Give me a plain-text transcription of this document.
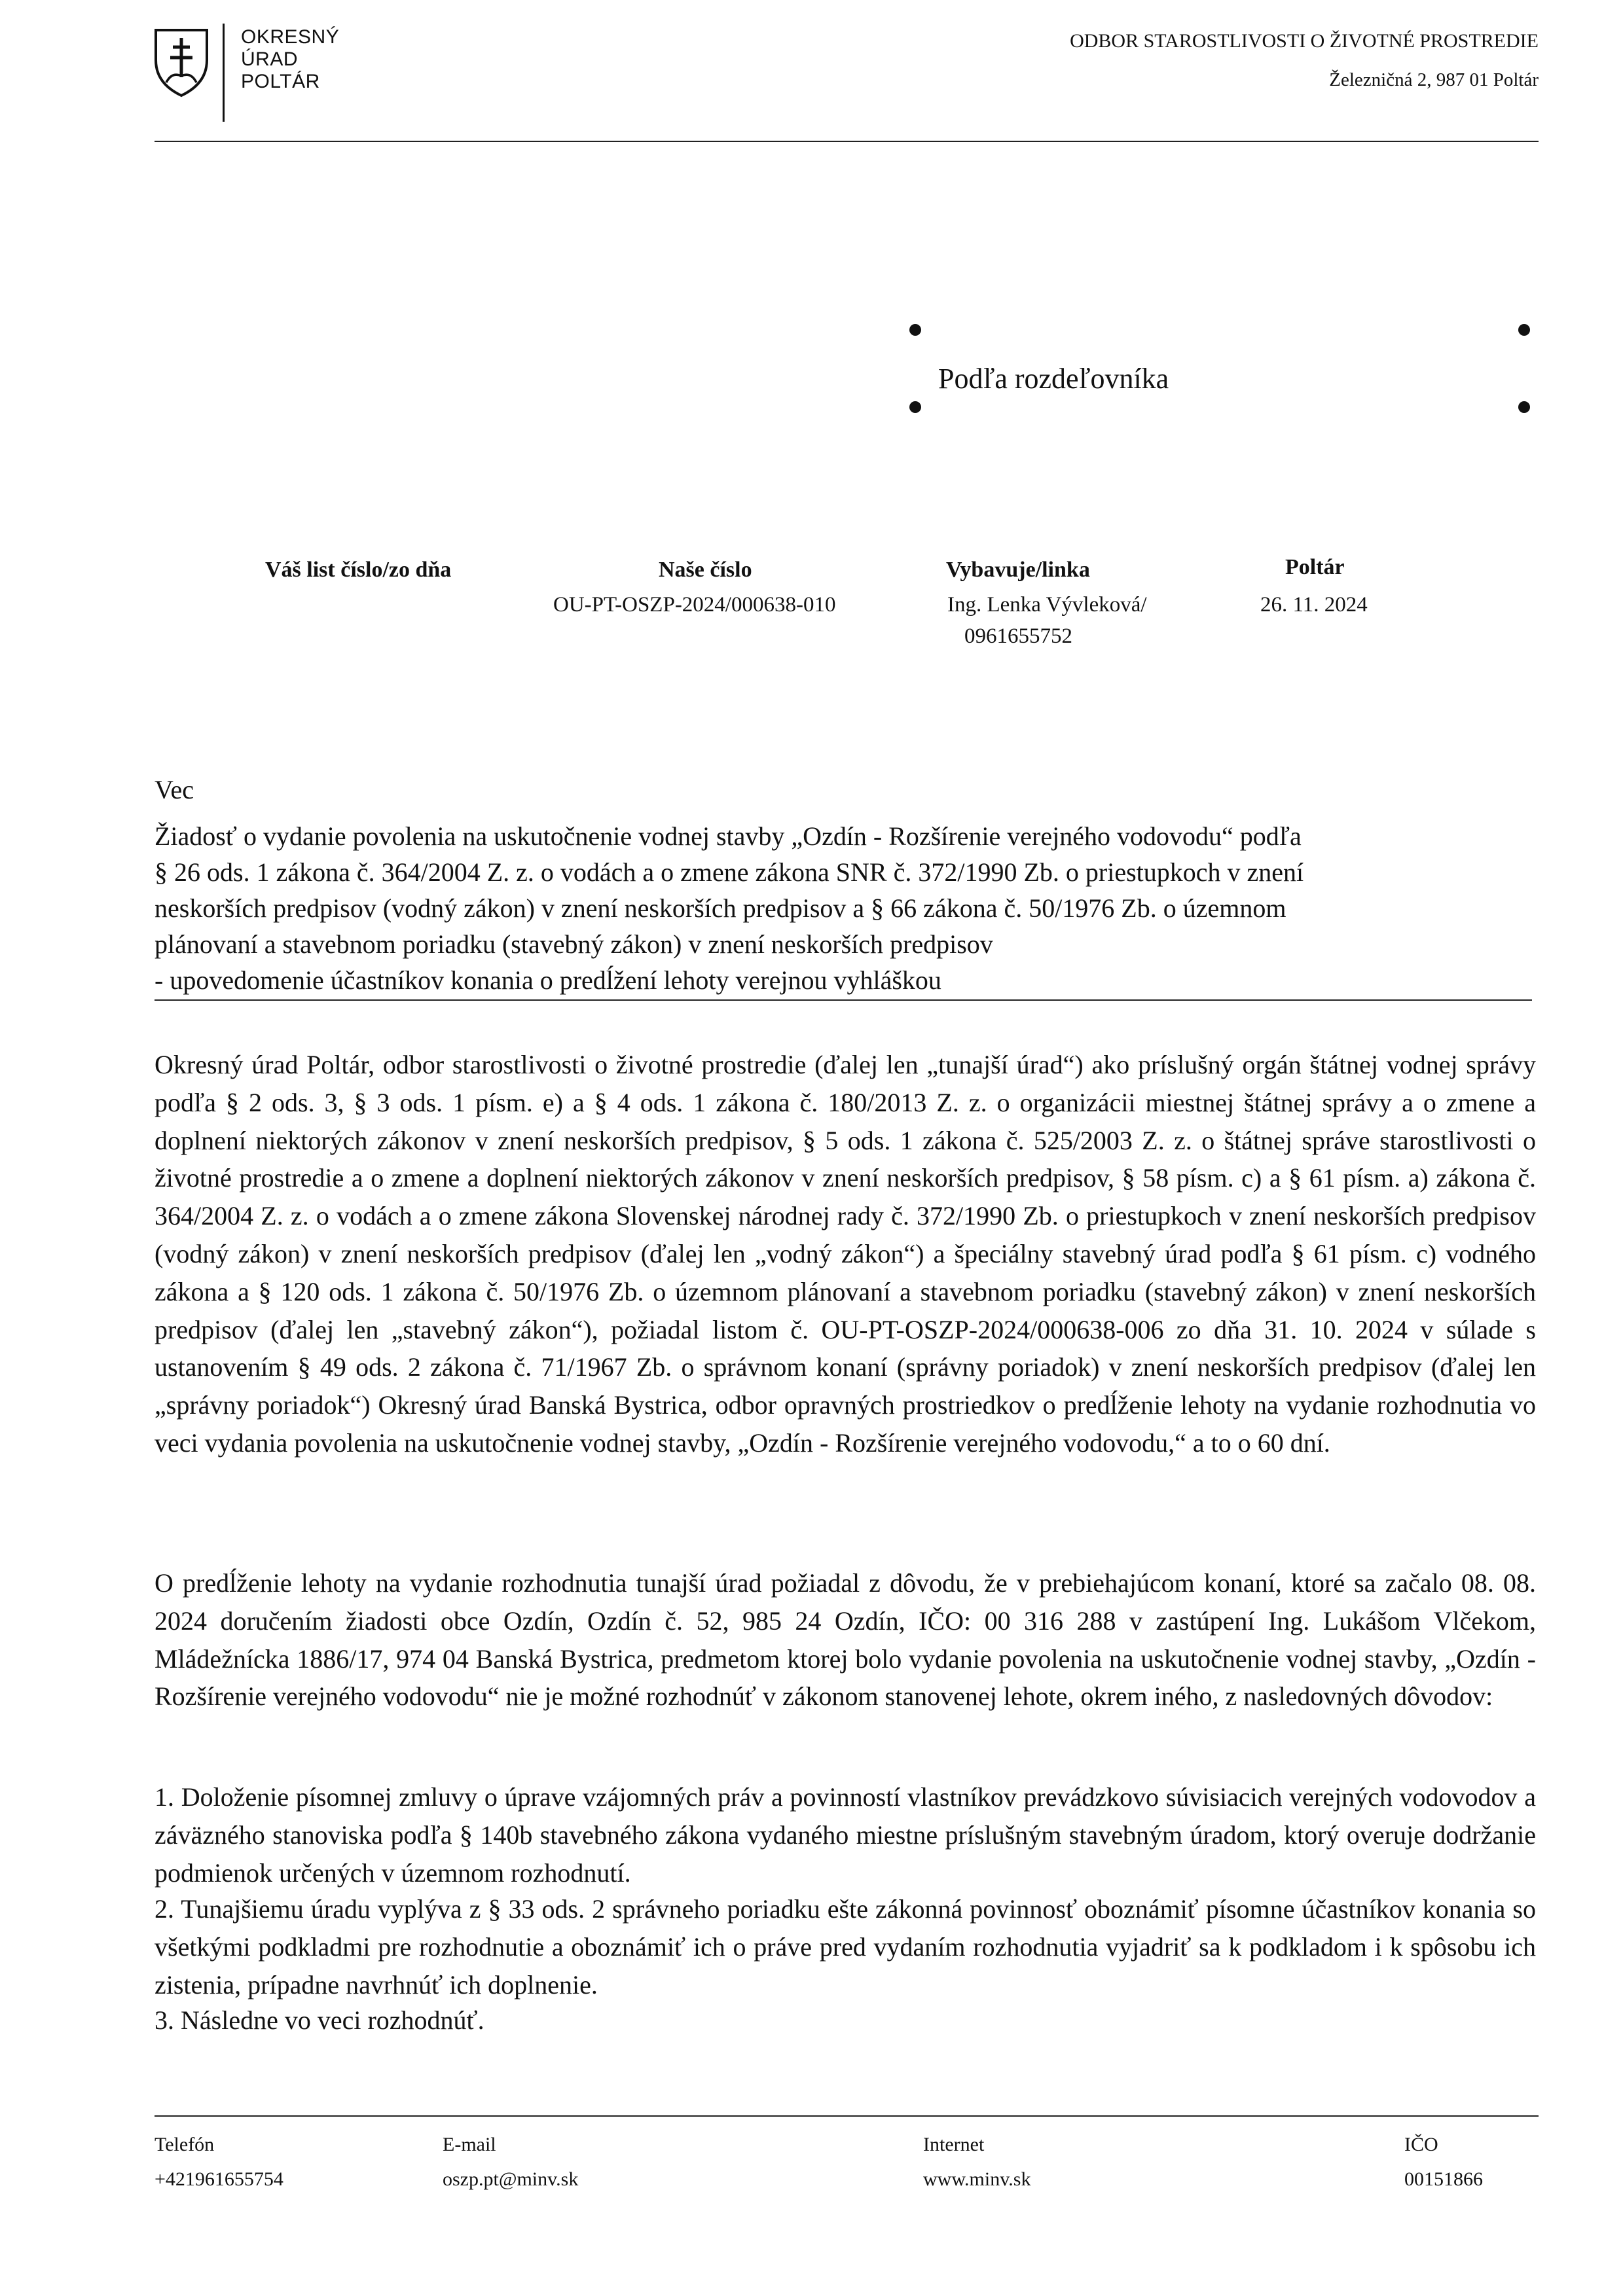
OKRESNÝ
ÚRAD
POLTÁR
ODBOR STAROSTLIVOSTI O ŽIVOTNÉ PROSTREDIE
Železničná 2, 987 01 Poltár
Podľa rozdeľovníka
Váš list číslo/zo dňa	Naše číslo
OU-PT-OSZP-2024/000638-010
Vybavuje/linka
Ing. Lenka Vývleková/
0961655752
Poltár
26. 11. 2024
Vec
Žiadosť o vydanie povolenia na uskutočnenie vodnej stavby „Ozdín - Rozšírenie verejného vodovodu“ podľa
§ 26 ods. 1 zákona č. 364/2004 Z. z. o vodách a o zmene zákona SNR č. 372/1990 Zb. o priestupkoch v znení
neskorších predpisov (vodný zákon) v znení neskorších predpisov a § 66 zákona č. 50/1976 Zb. o územnom
plánovaní a stavebnom poriadku (stavebný zákon) v znení neskorších predpisov
- upovedomenie účastníkov konania o predĺžení lehoty verejnou vyhláškou
Okresný úrad Poltár, odbor starostlivosti o životné prostredie (ďalej len „tunajší úrad“) ako príslušný orgán štátnej vodnej správy podľa § 2 ods. 3, § 3 ods. 1 písm. e) a § 4 ods. 1 zákona č. 180/2013 Z. z. o organizácii miestnej štátnej správy a o zmene a doplnení niektorých zákonov v znení neskorších predpisov, § 5 ods. 1 zákona č. 525/2003 Z. z. o štátnej správe starostlivosti o životné prostredie a o zmene a doplnení niektorých zákonov v znení neskorších predpisov, § 58 písm. c) a § 61 písm. a) zákona č. 364/2004 Z. z. o vodách a o zmene zákona Slovenskej národnej rady č. 372/1990 Zb. o priestupkoch v znení neskorších predpisov (vodný zákon) v znení neskorších predpisov (ďalej len „vodný zákon“) a špeciálny stavebný úrad podľa § 61 písm. c) vodného zákona a § 120 ods. 1 zákona č. 50/1976 Zb. o územnom plánovaní a stavebnom poriadku (stavebný zákon) v znení neskorších predpisov (ďalej len „stavebný zákon“), požiadal listom č. OU-PT-OSZP-2024/000638-006 zo dňa 31. 10. 2024 v súlade s ustanovením § 49 ods. 2 zákona č. 71/1967 Zb. o správnom konaní (správny poriadok) v znení neskorších predpisov (ďalej len „správny poriadok“) Okresný úrad Banská Bystrica, odbor opravných prostriedkov o predĺženie lehoty na vydanie rozhodnutia vo veci vydania povolenia na uskutočnenie vodnej stavby, „Ozdín - Rozšírenie verejného vodovodu,“ a to o 60 dní.
O predĺženie lehoty na vydanie rozhodnutia tunajší úrad požiadal z dôvodu, že v prebiehajúcom konaní, ktoré sa začalo 08. 08. 2024 doručením žiadosti obce Ozdín, Ozdín č. 52, 985 24 Ozdín, IČO: 00 316 288 v zastúpení Ing. Lukášom Vlčekom, Mládežnícka 1886/17, 974 04 Banská Bystrica, predmetom ktorej bolo vydanie povolenia na uskutočnenie vodnej stavby, „Ozdín - Rozšírenie verejného vodovodu“ nie je možné rozhodnúť v zákonom stanovenej lehote, okrem iného, z nasledovných dôvodov:
1. Doloženie písomnej zmluvy o úprave vzájomných práv a povinností vlastníkov prevádzkovo súvisiacich verejných vodovodov a záväzného stanoviska podľa § 140b stavebného zákona vydaného miestne príslušným stavebným úradom, ktorý overuje dodržanie podmienok určených v územnom rozhodnutí.
2. Tunajšiemu úradu vyplýva z § 33 ods. 2 správneho poriadku ešte zákonná povinnosť oboznámiť písomne účastníkov konania so všetkými podkladmi pre rozhodnutie a oboznámiť ich o práve pred vydaním rozhodnutia vyjadriť sa k podkladom i k spôsobu ich zistenia, prípadne navrhnúť ich doplnenie.
3. Následne vo veci rozhodnúť.
Telefón
+421961655754
E-mail
oszp.pt@minv.sk
Internet
www.minv.sk
IČO
00151866
